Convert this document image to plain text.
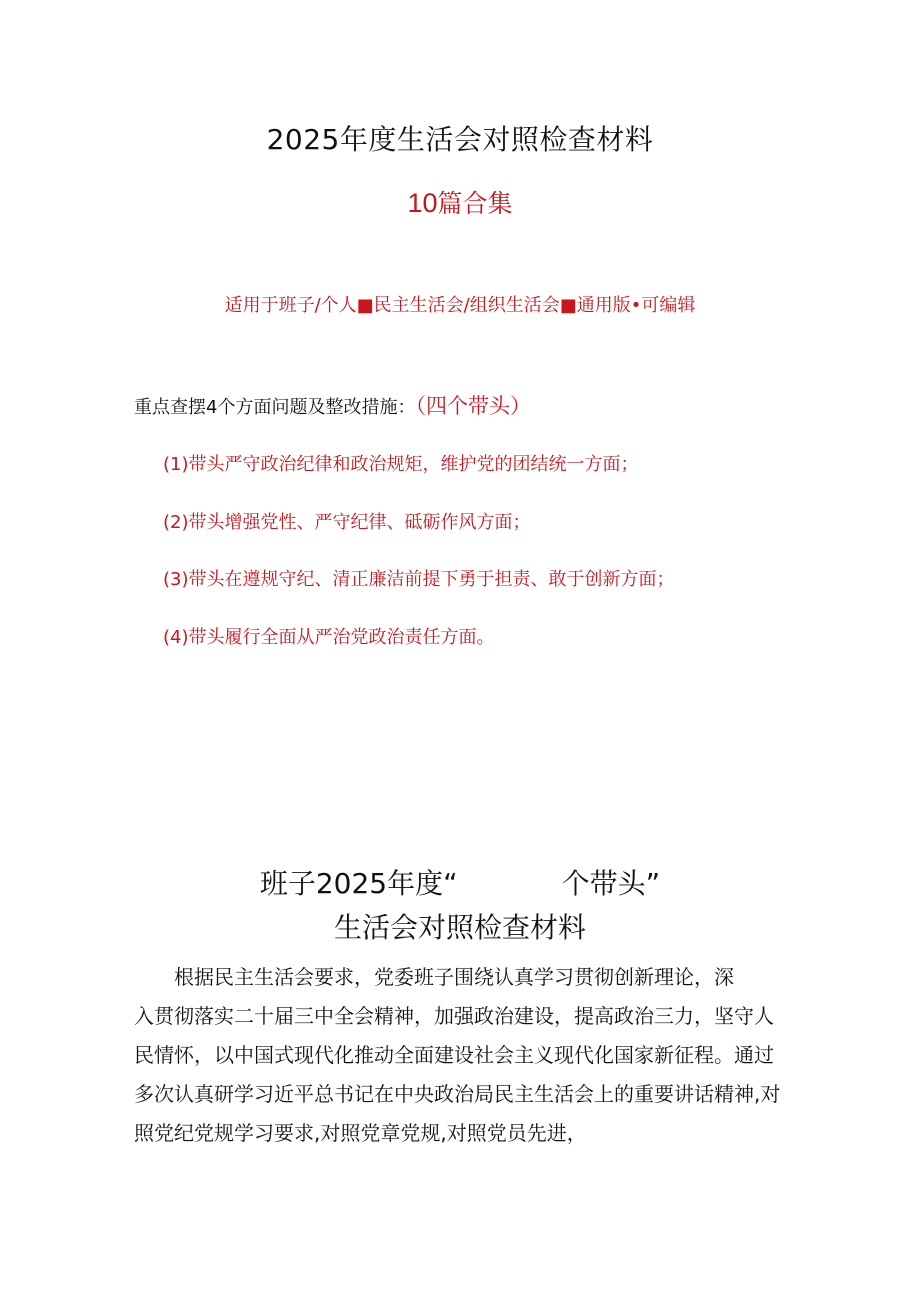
2025年度生活会对照检查材料
10篇合集
适用于班子/个人■民主生活会/组织生活会■通用版•可编辑
重点查摆4个方面问题及整改措施：（四个带头）
(1)带头严守政治纪律和政治规矩，维护党的团结统一方面；
(2)带头增强党性、严守纪律、砥砺作风方面；
(3)带头在遵规守纪、清正廉洁前提下勇于担责、敢于创新方面；
(4)带头履行全面从严治党政治责任方面。
班子2025年度“	个带头”
生活会对照检查材料

　　根据民主生活会要求，党委班子围绕认真学习贯彻创新理论，深

入贯彻落实二十届三中全会精神，加强政治建设，提高政治三力，坚守人

民情怀，以中国式现代化推动全面建设社会主义现代化国家新征程。通过

多次认真研学习近平总书记在中央政治局民主生活会上的重要讲话精神,对

照党纪党规学习要求,对照党章党规,对照党员先进，
